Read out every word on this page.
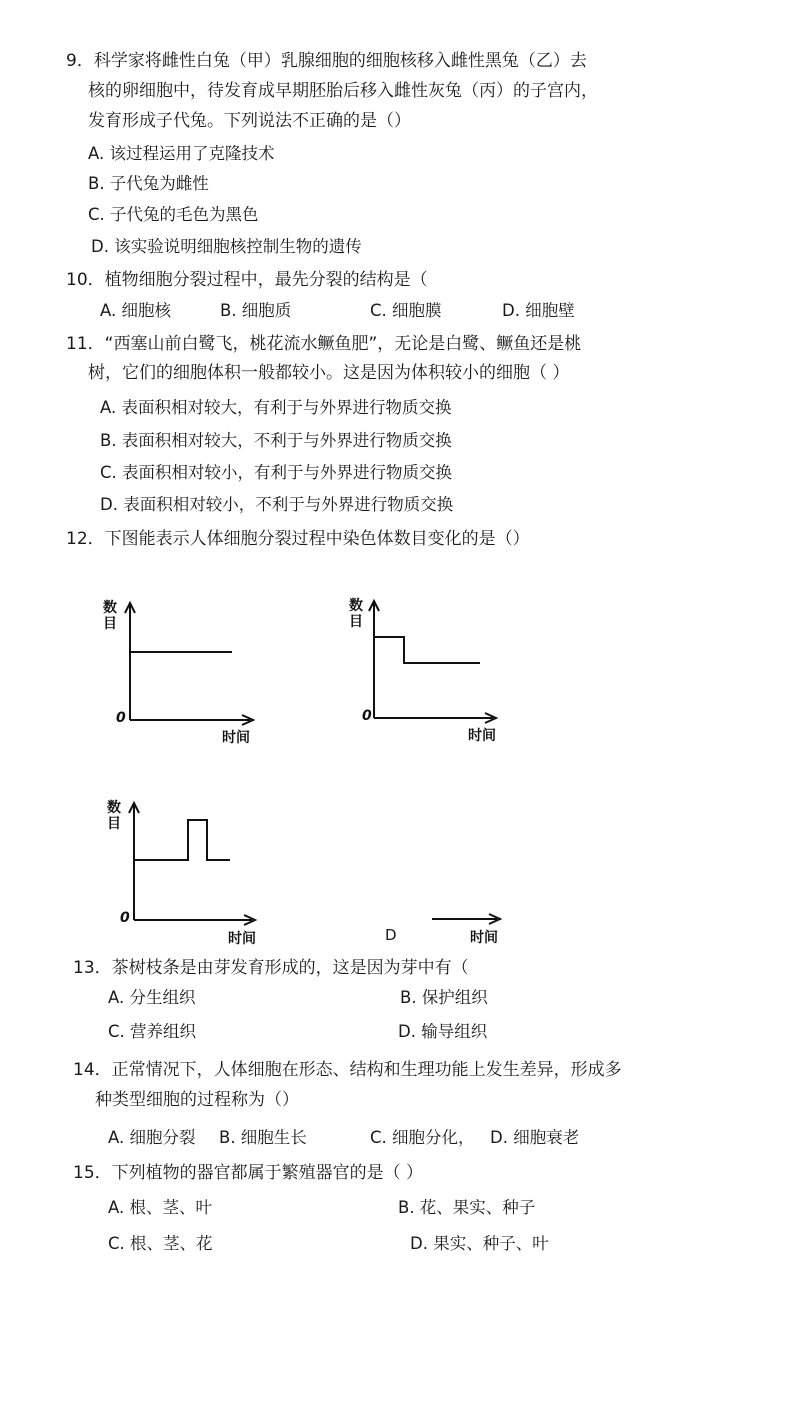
9．科学家将雌性白兔（甲）乳腺细胞的细胞核移入雌性黑兔（乙）去
核的卵细胞中，待发育成早期胚胎后移入雌性灰兔（丙）的子宫内，
发育形成子代兔。下列说法不正确的是（）
A. 该过程运用了克隆技术
B. 子代兔为雌性
C. 子代兔的毛色为黑色
D. 该实验说明细胞核控制生物的遗传
10．植物细胞分裂过程中，最先分裂的结构是（
A. 细胞核	B. 细胞质	C. 细胞膜	D. 细胞壁
11．“西塞山前白鹭飞，桃花流水鳜鱼肥”，无论是白鹭、鳜鱼还是桃
树，它们的细胞体积一般都较小。这是因为体积较小的细胞（ ）
A. 表面积相对较大，有利于与外界进行物质交换
B. 表面积相对较大，不利于与外界进行物质交换
C. 表面积相对较小，有利于与外界进行物质交换
D. 表面积相对较小，不利于与外界进行物质交换
12．下图能表示人体细胞分裂过程中染色体数目变化的是（）
数
目
0
时间
数
目
0
时间
数
目
0
时间	D	时间
13．茶树枝条是由芽发育形成的，这是因为芽中有（
A. 分生组织	B. 保护组织
C. 营养组织	D. 输导组织
14．正常情况下，人体细胞在形态、结构和生理功能上发生差异，形成多
种类型细胞的过程称为（）
A. 细胞分裂 B. 细胞生长	C. 细胞分化， D. 细胞衰老
15．下列植物的器官都属于繁殖器官的是（ ）
A. 根、茎、叶	B. 花、果实、种子
C. 根、茎、花	D. 果实、种子、叶
